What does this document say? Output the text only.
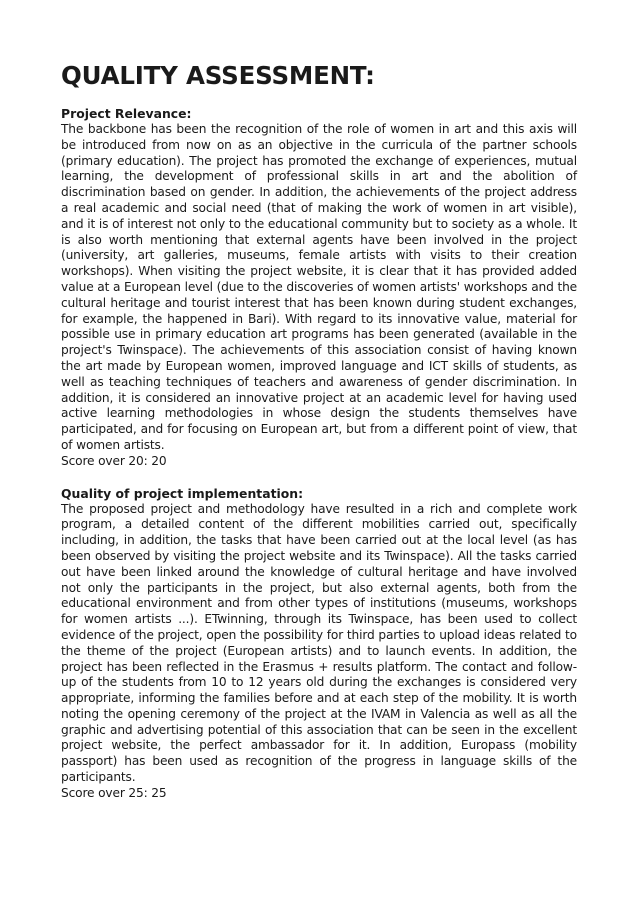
QUALITY ASSESSMENT:

Project Relevance:

The backbone has been the recognition of the role of women in art and this axis will be introduced from now on as an objective in the curricula of the partner schools (primary education). The project has promoted the exchange of experiences, mutual learning, the development of professional skills in art and the abolition of discrimination based on gender. In addition, the achievements of the project address a real academic and social need (that of making the work of women in art visible), and it is of interest not only to the educational community but to society as a whole. It is also worth mentioning that external agents have been involved in the project (university, art galleries, museums, female artists with visits to their creation workshops). When visiting the project website, it is clear that it has provided added value at a European level (due to the discoveries of women artists' workshops and the cultural heritage and tourist interest that has been known during student exchanges, for example, the happened in Bari). With regard to its innovative value, material for possible use in primary education art programs has been generated (available in the project's Twinspace). The achievements of this association consist of having known the art made by European women, improved language and ICT skills of students, as well as teaching techniques of teachers and awareness of gender discrimination. In addition, it is considered an innovative project at an academic level for having used active learning methodologies in whose design the students themselves have participated, and for focusing on European art, but from a different point of view, that of women artists.

Score over 20: 20

Quality of project implementation:

The proposed project and methodology have resulted in a rich and complete work program, a detailed content of the different mobilities carried out, specifically including, in addition, the tasks that have been carried out at the local level (as has been observed by visiting the project website and its Twinspace). All the tasks carried out have been linked around the knowledge of cultural heritage and have involved not only the participants in the project, but also external agents, both from the educational environment and from other types of institutions (museums, workshops for women artists ...). ETwinning, through its Twinspace, has been used to collect evidence of the project, open the possibility for third parties to upload ideas related to the theme of the project (European artists) and to launch events. In addition, the project has been reflected in the Erasmus + results platform. The contact and follow-up of the students from 10 to 12 years old during the exchanges is considered very appropriate, informing the families before and at each step of the mobility. It is worth noting the opening ceremony of the project at the IVAM in Valencia as well as all the graphic and advertising potential of this association that can be seen in the excellent project website, the perfect ambassador for it. In addition, Europass (mobility passport) has been used as recognition of the progress in language skills of the participants.

Score over 25: 25
